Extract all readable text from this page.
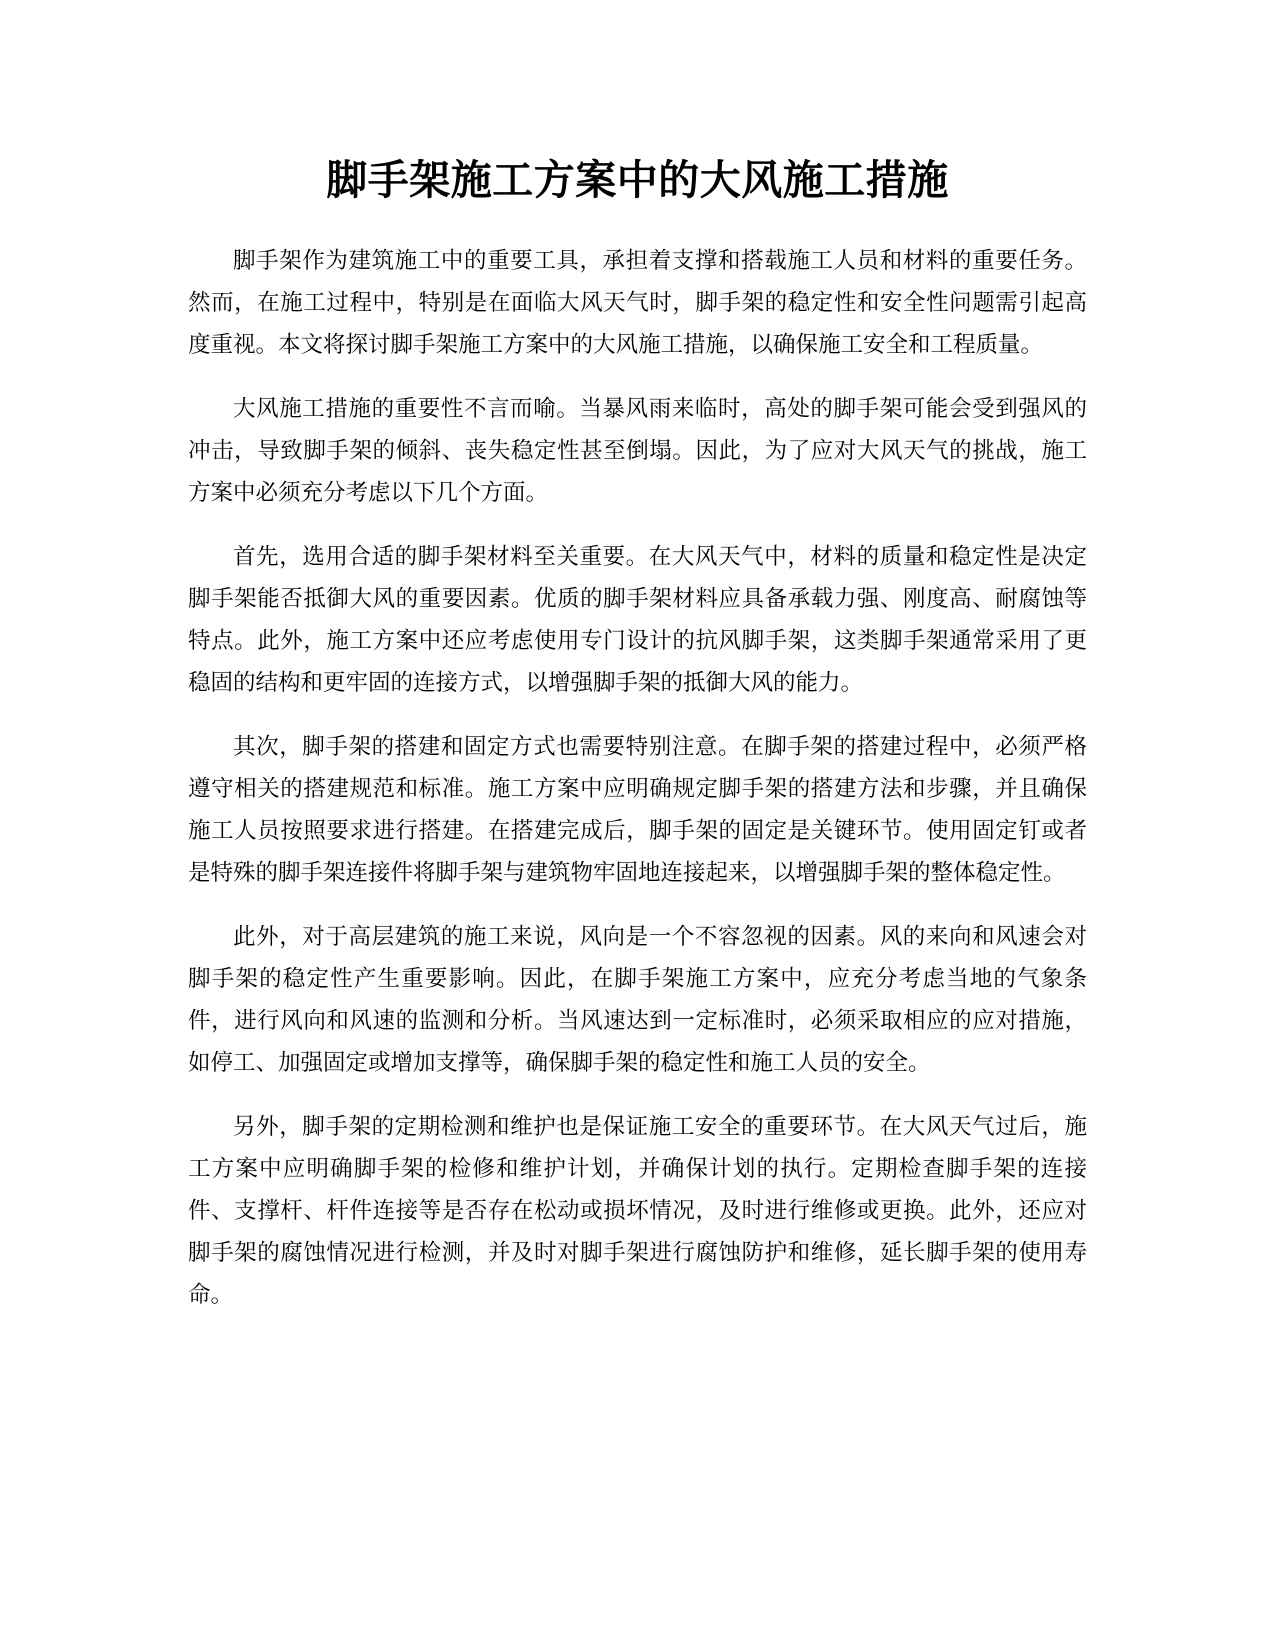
脚手架施工方案中的大风施工措施

脚手架作为建筑施工中的重要工具，承担着支撑和搭载施工人员和材料的重要任务。然而，在施工过程中，特别是在面临大风天气时，脚手架的稳定性和安全性问题需引起高度重视。本文将探讨脚手架施工方案中的大风施工措施，以确保施工安全和工程质量。

大风施工措施的重要性不言而喻。当暴风雨来临时，高处的脚手架可能会受到强风的冲击，导致脚手架的倾斜、丧失稳定性甚至倒塌。因此，为了应对大风天气的挑战，施工方案中必须充分考虑以下几个方面。

首先，选用合适的脚手架材料至关重要。在大风天气中，材料的质量和稳定性是决定脚手架能否抵御大风的重要因素。优质的脚手架材料应具备承载力强、刚度高、耐腐蚀等特点。此外，施工方案中还应考虑使用专门设计的抗风脚手架，这类脚手架通常采用了更稳固的结构和更牢固的连接方式，以增强脚手架的抵御大风的能力。

其次，脚手架的搭建和固定方式也需要特别注意。在脚手架的搭建过程中，必须严格遵守相关的搭建规范和标准。施工方案中应明确规定脚手架的搭建方法和步骤，并且确保施工人员按照要求进行搭建。在搭建完成后，脚手架的固定是关键环节。使用固定钉或者是特殊的脚手架连接件将脚手架与建筑物牢固地连接起来，以增强脚手架的整体稳定性。

此外，对于高层建筑的施工来说，风向是一个不容忽视的因素。风的来向和风速会对脚手架的稳定性产生重要影响。因此，在脚手架施工方案中，应充分考虑当地的气象条件，进行风向和风速的监测和分析。当风速达到一定标准时，必须采取相应的应对措施，如停工、加强固定或增加支撑等，确保脚手架的稳定性和施工人员的安全。

另外，脚手架的定期检测和维护也是保证施工安全的重要环节。在大风天气过后，施工方案中应明确脚手架的检修和维护计划，并确保计划的执行。定期检查脚手架的连接件、支撑杆、杆件连接等是否存在松动或损坏情况，及时进行维修或更换。此外，还应对脚手架的腐蚀情况进行检测，并及时对脚手架进行腐蚀防护和维修，延长脚手架的使用寿命。
